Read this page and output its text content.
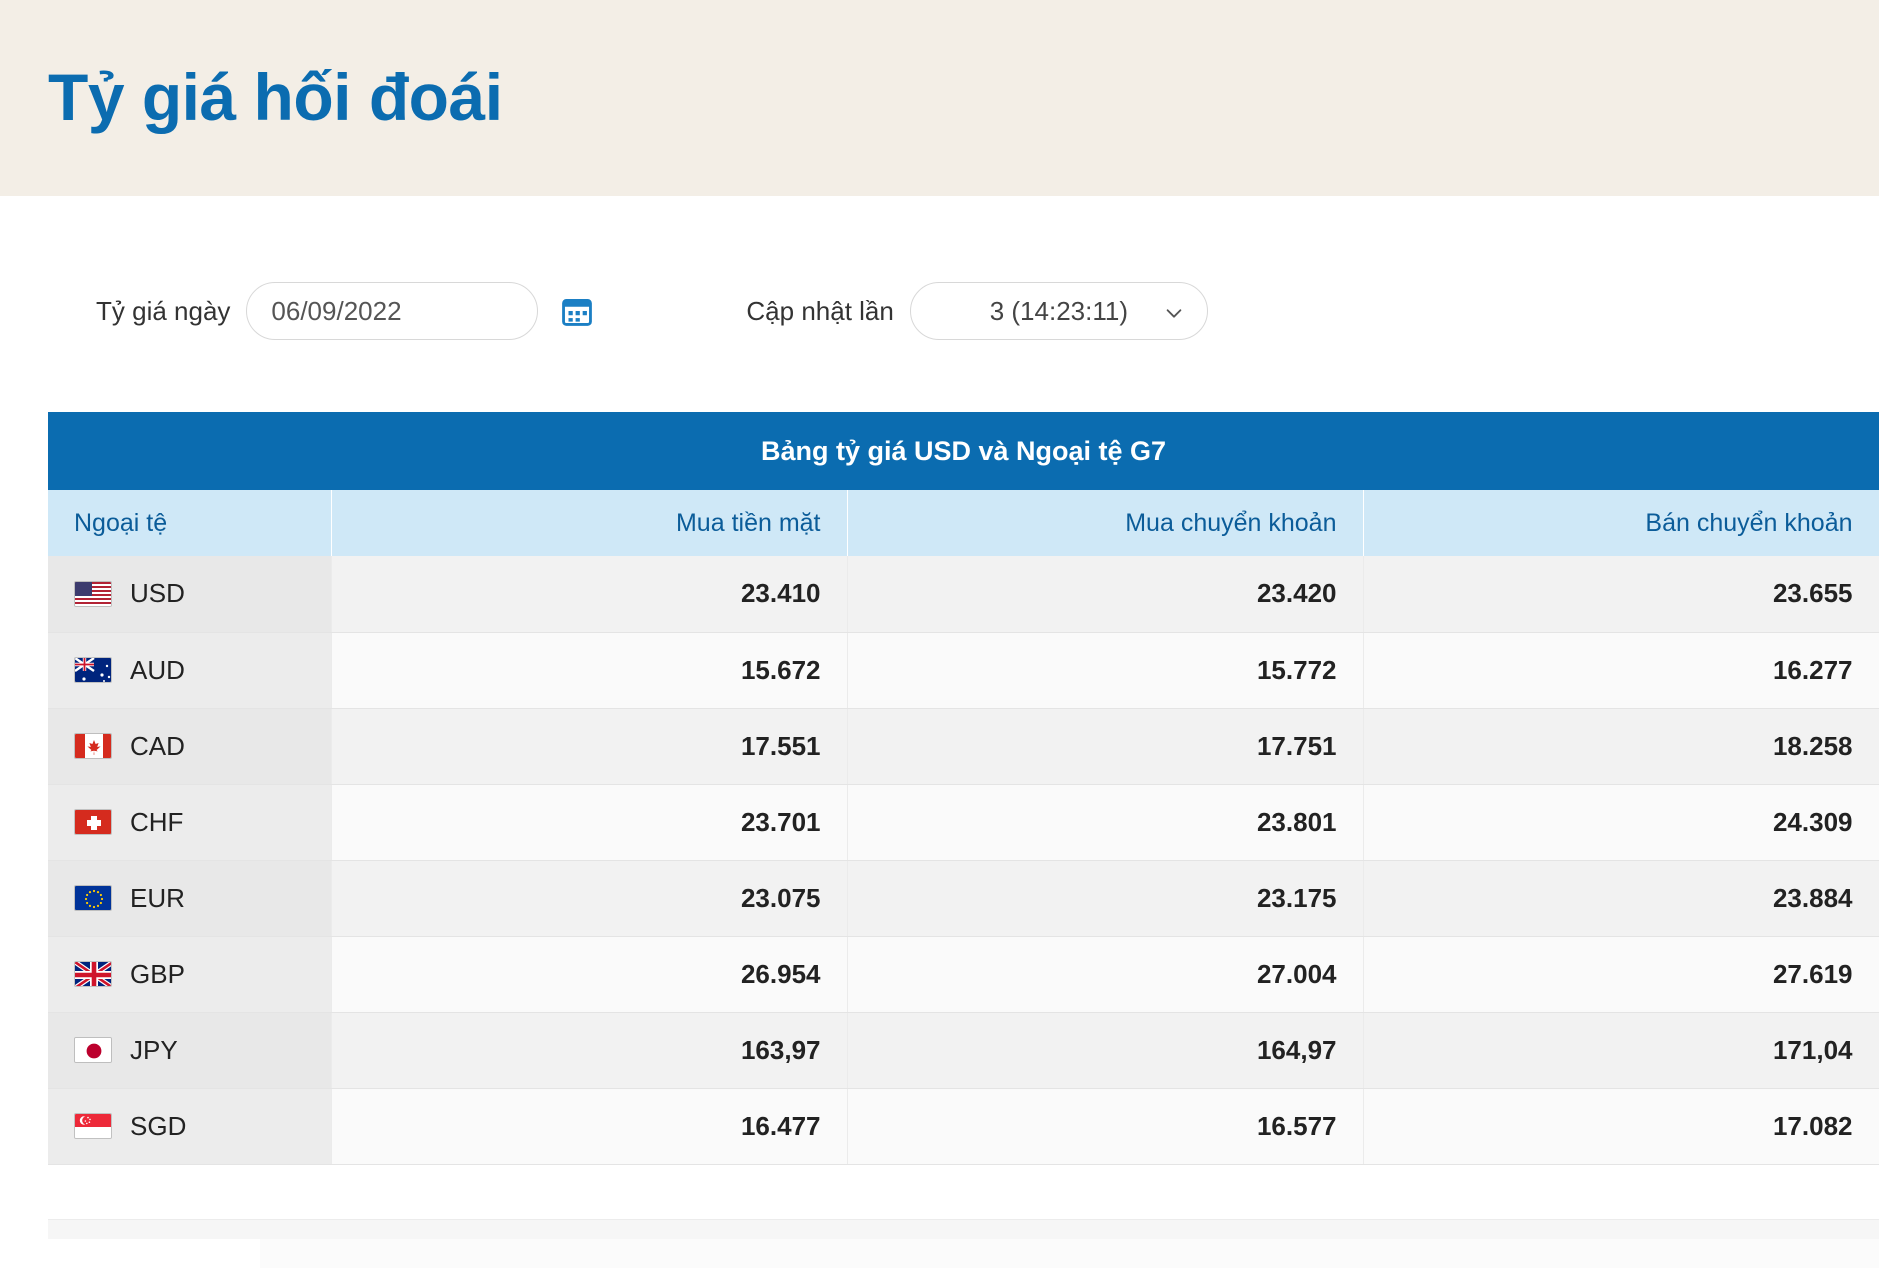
Tỷ giá hối đoái
Tỷ giá ngày 06/09/2022	Cập nhật lần	3 (14:23:11)
Bảng tỷ giá USD và Ngoại tệ G7
Ngoại tệ	Mua tiền mặt	Mua chuyển khoản	Bán chuyển khoản

USD	23.410	23.420	23.655

AUD	15.672	15.772	16.277

CAD	17.551	17.751	18.258

CHF	23.701	23.801	24.309

EUR	23.075	23.175	23.884

GBP	26.954	27.004	27.619

JPY	163,97	164,97	171,04

SGD	16.477	16.577	17.082
